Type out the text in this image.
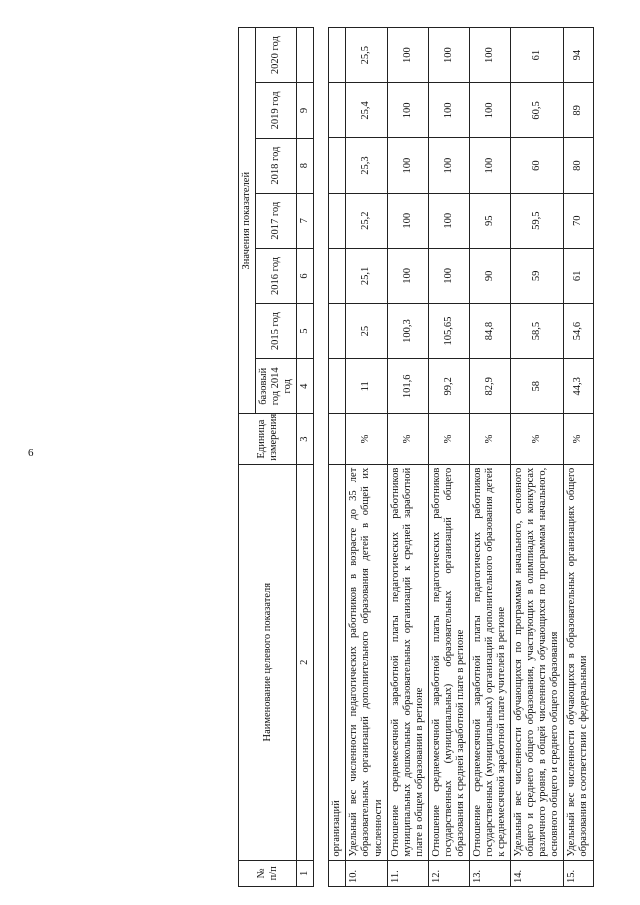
6
№ п/п	Наименование целевого показателя	Единица измерения	Значения показателей						
			базовый год 2014 год	2015 год	2016 год	2017 год	2018 год	2019 год	2020 год
1	2	3	4	5	6	7	8	9	
	организаций								
10.	Удельный вес численности педагогических работников в возрасте до 35 лет образовательных организаций дополнительного образования детей в общей их численности	%	11	25	25,1	25,2	25,3	25,4	25,5
11.	Отношение среднемесячной заработной платы педагогических работников муниципальных дошкольных образовательных организаций к средней заработной плате в общем образовании в регионе	%	101,6	100,3	100	100	100	100	100
12.	Отношение среднемесячной заработной платы педагогических работников государственных (муниципальных) образовательных организаций общего образования к средней заработной плате в регионе	%	99,2	105,65	100	100	100	100	100
13.	Отношение среднемесячной заработной платы педагогических работников государственных (муниципальных) организаций дополнительного образования детей к среднемесячной заработной плате учителей в регионе	%	82,9	84,8	90	95	100	100	100
14.	Удельный вес численности обучающихся по программам начального, основного общего и среднего общего образования, участвующих в олимпиадах и конкурсах различного уровня, в общей численности обучающихся по программам начального, основного общего и среднего общего образования	%	58	58,5	59	59,5	60	60,5	61
15.	Удельный вес численности обучающихся в образовательных организациях общего образования в соответствии с федеральными	%	44,3	54,6	61	70	80	89	94
